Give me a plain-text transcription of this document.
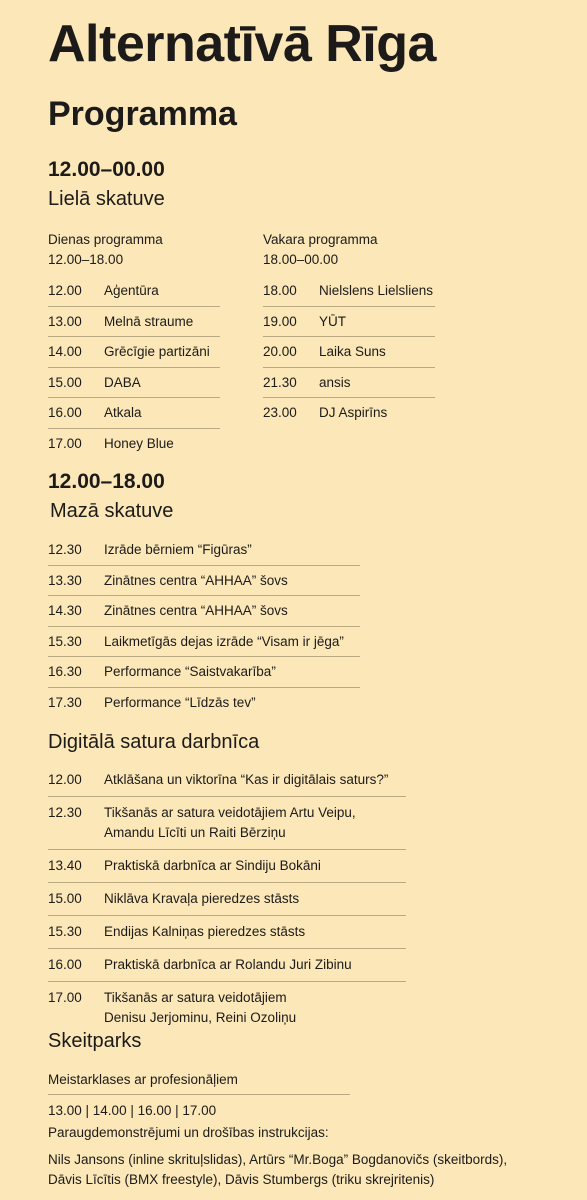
Alternatīvā Rīga
Programma
12.00–00.00
Lielā skatuve
Dienas programma
12.00–18.00
12.00	Aģentūra
13.00	Melnā straume
14.00	Grēcīgie partizāni
15.00	DABA
16.00	Atkala
17.00	Honey Blue
Vakara programma
18.00–00.00
18.00	Nielslens Lielsliens
19.00	YŪT
20.00	Laika Suns
21.30	ansis
23.00	DJ Aspirīns
12.00–18.00
Mazā skatuve
12.30	Izrāde bērniem “Figūras”
13.30	Zinātnes centra “AHHAA” šovs
14.30	Zinātnes centra “AHHAA” šovs
15.30	Laikmetīgās dejas izrāde “Visam ir jēga”
16.30	Performance “Saistvakarība”
17.30	Performance “Līdzās tev”
Digitālā satura darbnīca
12.00	Atklāšana un viktorīna “Kas ir digitālais saturs?”
12.30	Tikšanās ar satura veidotājiem Artu Veipu,
Amandu Līcīti un Raiti Bērziņu
13.40	Praktiskā darbnīca ar Sindiju Bokāni
15.00	Niklāva Kravaļa pieredzes stāsts
15.30	Endijas Kalniņas pieredzes stāsts
16.00	Praktiskā darbnīca ar Rolandu Juri Zibinu
17.00	Tikšanās ar satura veidotājiem
Denisu Jerjominu, Reini Ozoliņu
Skeitparks
Meistarklases ar profesionāļiem
13.00 | 14.00 | 16.00 | 17.00
Paraugdemonstrējumi un drošības instrukcijas:
Nils Jansons (inline skrituļslidas), Artūrs “Mr.Boga” Bogdanovičs (skeitbords),
Dāvis Līcītis (BMX freestyle), Dāvis Stumbergs (triku skrejritenis)
